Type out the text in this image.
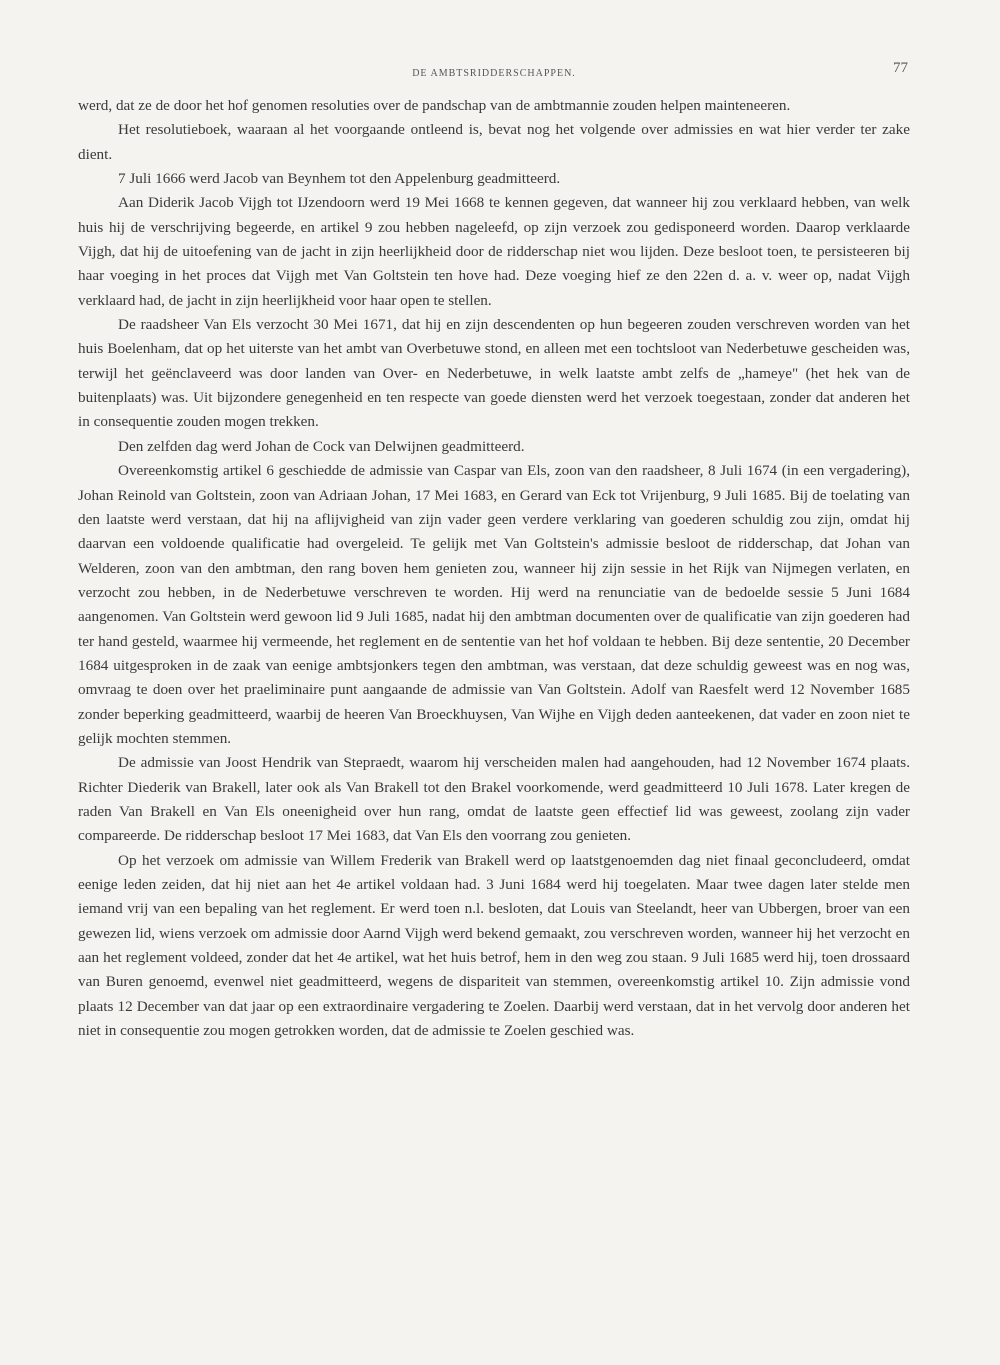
DE AMBTSRIDDERSCHAPPEN.	77

werd, dat ze de door het hof genomen resoluties over de pandschap van de ambtmannie zouden helpen mainteneeren.

Het resolutieboek, waaraan al het voorgaande ontleend is, bevat nog het volgende over admissies en wat hier verder ter zake dient.

7 Juli 1666 werd Jacob van Beynhem tot den Appelenburg geadmitteerd.

Aan Diderik Jacob Vijgh tot IJzendoorn werd 19 Mei 1668 te kennen gegeven, dat wanneer hij zou verklaard hebben, van welk huis hij de verschrijving begeerde, en artikel 9 zou hebben nageleefd, op zijn verzoek zou gedisponeerd worden. Daarop verklaarde Vijgh, dat hij de uitoefening van de jacht in zijn heerlijkheid door de ridderschap niet wou lijden. Deze besloot toen, te persisteeren bij haar voeging in het proces dat Vijgh met Van Goltstein ten hove had. Deze voeging hief ze den 22en d. a. v. weer op, nadat Vijgh verklaard had, de jacht in zijn heerlijkheid voor haar open te stellen.

De raadsheer Van Els verzocht 30 Mei 1671, dat hij en zijn descendenten op hun begeeren zouden verschreven worden van het huis Boelenham, dat op het uiterste van het ambt van Overbetuwe stond, en alleen met een tochtsloot van Nederbetuwe gescheiden was, terwijl het geënclaveerd was door landen van Over- en Nederbetuwe, in welk laatste ambt zelfs de „hameye" (het hek van de buitenplaats) was. Uit bijzondere genegenheid en ten respecte van goede diensten werd het verzoek toegestaan, zonder dat anderen het in consequentie zouden mogen trekken.

Den zelfden dag werd Johan de Cock van Delwijnen geadmitteerd.

Overeenkomstig artikel 6 geschiedde de admissie van Caspar van Els, zoon van den raadsheer, 8 Juli 1674 (in een vergadering), Johan Reinold van Goltstein, zoon van Adriaan Johan, 17 Mei 1683, en Gerard van Eck tot Vrijenburg, 9 Juli 1685. Bij de toelating van den laatste werd verstaan, dat hij na aflijvigheid van zijn vader geen verdere verklaring van goederen schuldig zou zijn, omdat hij daarvan een voldoende qualificatie had overgeleid. Te gelijk met Van Goltstein's admissie besloot de ridderschap, dat Johan van Welderen, zoon van den ambtman, den rang boven hem genieten zou, wanneer hij zijn sessie in het Rijk van Nijmegen verlaten, en verzocht zou hebben, in de Nederbetuwe verschreven te worden. Hij werd na renunciatie van de bedoelde sessie 5 Juni 1684 aangenomen. Van Goltstein werd gewoon lid 9 Juli 1685, nadat hij den ambtman documenten over de qualificatie van zijn goederen had ter hand gesteld, waarmee hij vermeende, het reglement en de sententie van het hof voldaan te hebben. Bij deze sententie, 20 December 1684 uitgesproken in de zaak van eenige ambtsjonkers tegen den ambtman, was verstaan, dat deze schuldig geweest was en nog was, omvraag te doen over het praeliminaire punt aangaande de admissie van Van Goltstein. Adolf van Raesfelt werd 12 November 1685 zonder beperking geadmitteerd, waarbij de heeren Van Broeckhuysen, Van Wijhe en Vijgh deden aanteekenen, dat vader en zoon niet te gelijk mochten stemmen.

De admissie van Joost Hendrik van Stepraedt, waarom hij verscheiden malen had aangehouden, had 12 November 1674 plaats. Richter Diederik van Brakell, later ook als Van Brakell tot den Brakel voorkomende, werd geadmitteerd 10 Juli 1678. Later kregen de raden Van Brakell en Van Els oneenigheid over hun rang, omdat de laatste geen effectief lid was geweest, zoolang zijn vader compareerde. De ridderschap besloot 17 Mei 1683, dat Van Els den voorrang zou genieten.

Op het verzoek om admissie van Willem Frederik van Brakell werd op laatstgenoemden dag niet finaal geconcludeerd, omdat eenige leden zeiden, dat hij niet aan het 4e artikel voldaan had. 3 Juni 1684 werd hij toegelaten. Maar twee dagen later stelde men iemand vrij van een bepaling van het reglement. Er werd toen n.l. besloten, dat Louis van Steelandt, heer van Ubbergen, broer van een gewezen lid, wiens verzoek om admissie door Aarnd Vijgh werd bekend gemaakt, zou verschreven worden, wanneer hij het verzocht en aan het reglement voldeed, zonder dat het 4e artikel, wat het huis betrof, hem in den weg zou staan. 9 Juli 1685 werd hij, toen drossaard van Buren genoemd, evenwel niet geadmitteerd, wegens de dispariteit van stemmen, overeenkomstig artikel 10. Zijn admissie vond plaats 12 December van dat jaar op een extraordinaire vergadering te Zoelen. Daarbij werd verstaan, dat in het vervolg door anderen het niet in consequentie zou mogen getrokken worden, dat de admissie te Zoelen geschied was.
